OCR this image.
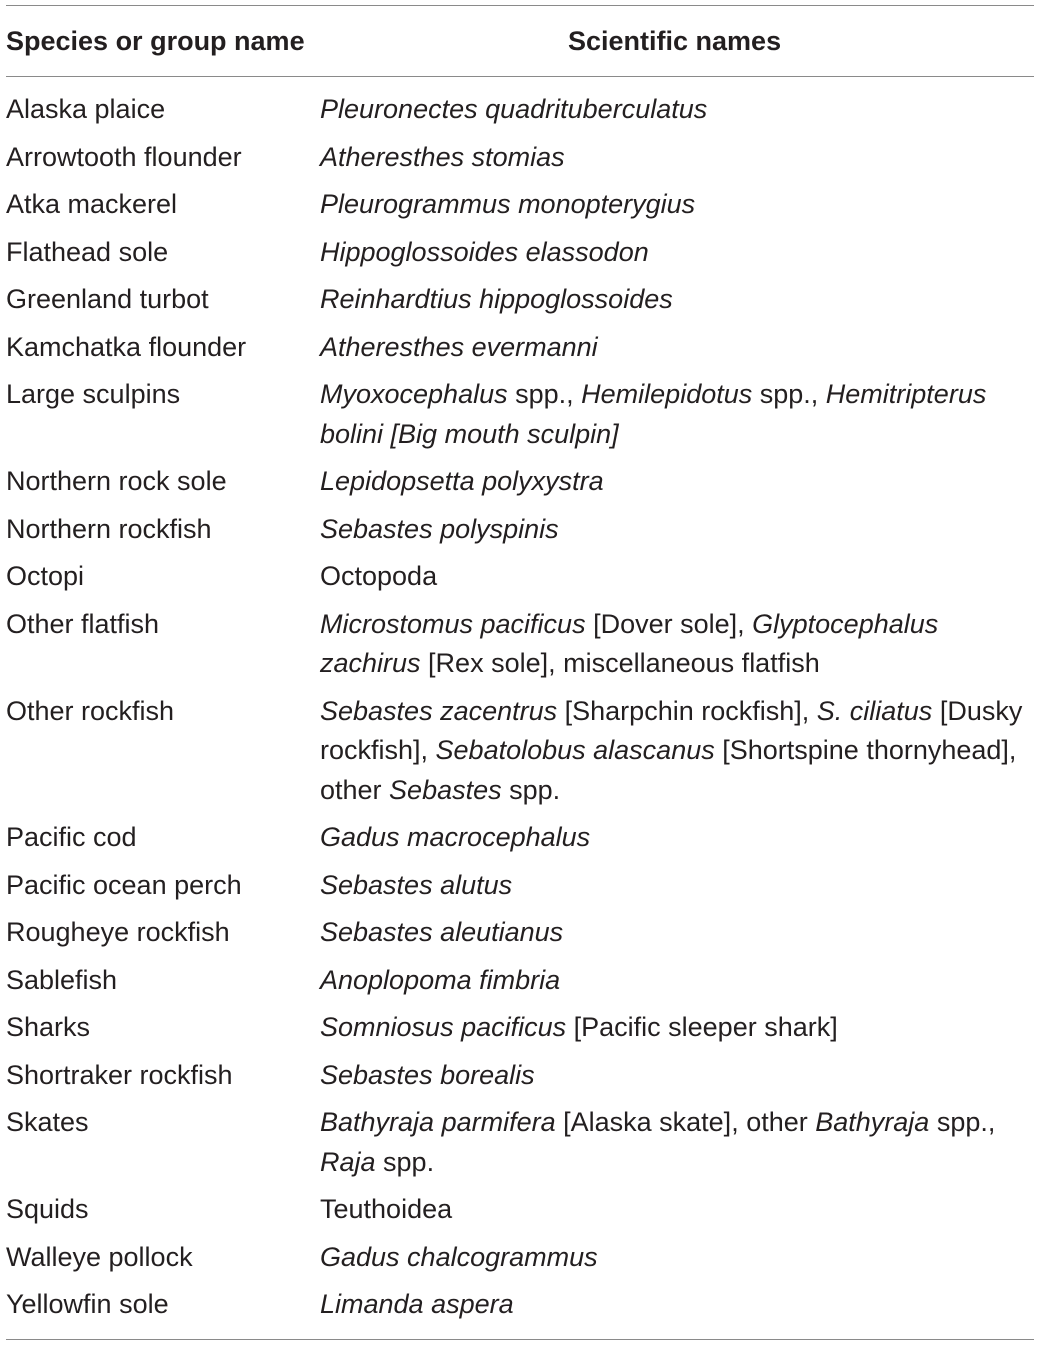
Species or group name	Scientific names
Alaska plaice	Pleuronectes quadrituberculatus
Arrowtooth flounder	Atheresthes stomias
Atka mackerel	Pleurogrammus monopterygius
Flathead sole	Hippoglossoides elassodon
Greenland turbot	Reinhardtius hippoglossoides
Kamchatka flounder	Atheresthes evermanni
Large sculpins	Myoxocephalus spp., Hemilepidotus spp., Hemitripterus bolini [Big mouth sculpin]
Northern rock sole	Lepidopsetta polyxystra
Northern rockfish	Sebastes polyspinis
Octopi	Octopoda
Other flatfish	Microstomus pacificus [Dover sole], Glyptocephalus zachirus [Rex sole], miscellaneous flatfish
Other rockfish	Sebastes zacentrus [Sharpchin rockfish], S. ciliatus [Dusky rockfish], Sebatolobus alascanus [Shortspine thornyhead], other Sebastes spp.
Pacific cod	Gadus macrocephalus
Pacific ocean perch	Sebastes alutus
Rougheye rockfish	Sebastes aleutianus
Sablefish	Anoplopoma fimbria
Sharks	Somniosus pacificus [Pacific sleeper shark]
Shortraker rockfish	Sebastes borealis
Skates	Bathyraja parmifera [Alaska skate], other Bathyraja spp., Raja spp.
Squids	Teuthoidea
Walleye pollock	Gadus chalcogrammus
Yellowfin sole	Limanda aspera
